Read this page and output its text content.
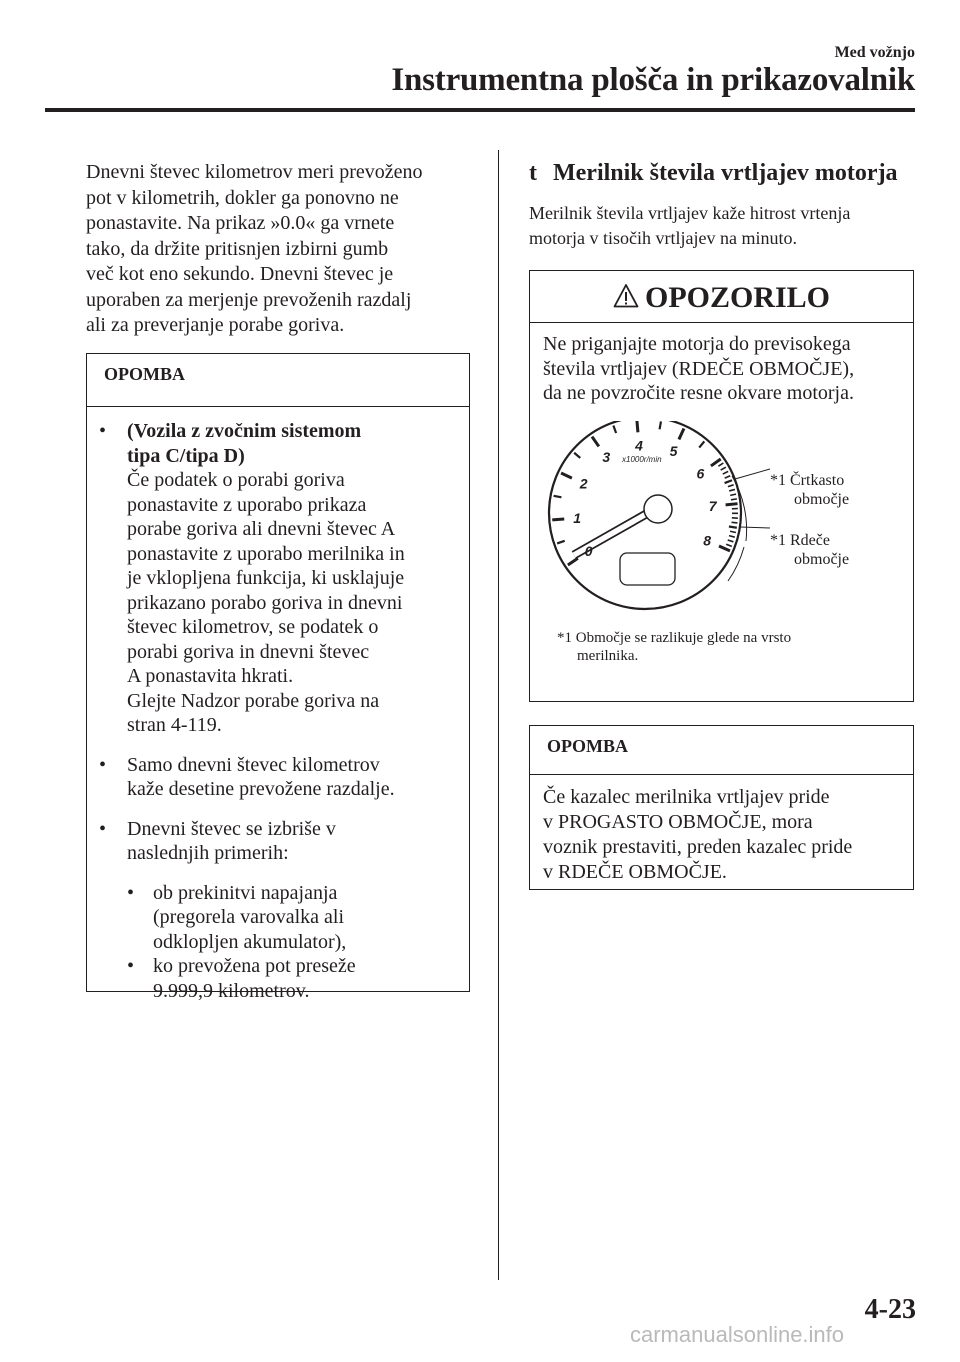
Med vožnjo
Instrumentna plošča in prikazovalnik
Dnevni števec kilometrov meri prevoženo
pot v kilometrih, dokler ga ponovno ne
ponastavite. Na prikaz »0.0« ga vrnete
tako, da držite pritisnjen izbirni gumb
več kot eno sekundo. Dnevni števec je
uporaben za merjenje prevoženih razdalj
ali za preverjanje porabe goriva.
OPOMBA
• (Vozila z zvočnim sistemom
tipa C/tipa D)
Če podatek o porabi goriva
ponastavite z uporabo prikaza
porabe goriva ali dnevni števec A
ponastavite z uporabo merilnika in
je vklopljena funkcija, ki usklajuje
prikazano porabo goriva in dnevni
števec kilometrov, se podatek o
porabi goriva in dnevni števec
A ponastavita hkrati.
Glejte Nadzor porabe goriva na
stran 4-119.
• Samo dnevni števec kilometrov
kaže desetine prevožene razdalje.
• Dnevni števec se izbriše v
naslednjih primerih:
• ob prekinitvi napajanja
(pregorela varovalka ali
odklopljen akumulator),
• ko prevožena pot preseže
9.999,9 kilometrov.
t Merilnik števila vrtljajev motorja
Merilnik števila vrtljajev kaže hitrost vrtenja
motorja v tisočih vrtljajev na minuto.
OPOZORILO
Ne priganjajte motorja do previsokega
števila vrtljajev (RDEČE OBMOČJE),
da ne povzročite resne okvare motorja.
0
1
2
3
4 5
6
7
8
x1000r/min
*1 Črtkasto
območje
*1 Rdeče
območje
*1 Območje se razlikuje glede na vrsto
merilnika.
OPOMBA
Če kazalec merilnika vrtljajev pride
v PROGASTO OBMOČJE, mora
voznik prestaviti, preden kazalec pride
v RDEČE OBMOČJE.
4-23
carmanualsonline.info
